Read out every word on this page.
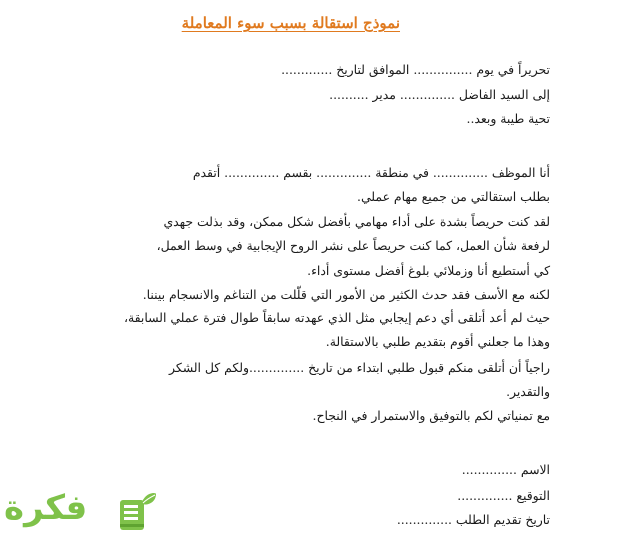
نموذج استقالة بسبب سوء المعاملة
تحريراً في يوم ............... الموافق لتاريخ .............
إلى السيد الفاضل .............. مدير ..........
تحية طيبة وبعد..
أنا الموظف .............. في منطقة .............. بقسم .............. أتقدم
بطلب استقالتي من جميع مهام عملي.
لقد كنت حريصاً بشدة على أداء مهامي بأفضل شكل ممكن، وقد بذلت جهدي
لرفعة شأن العمل، كما كنت حريصاً على نشر الروح الإيجابية في وسط العمل،
كي أستطيع أنا وزملائي بلوغ أفضل مستوى أداء.
لكنه مع الأسف فقد حدث الكثير من الأمور التي قلّلت من التناغم والانسجام بيننا.
حيث لم أعد أتلقى أي دعم إيجابي مثل الذي عهدته سابقاً طوال فترة عملي السابقة،
وهذا ما جعلني أقوم بتقديم طلبي بالاستقالة.
راجياً أن أتلقى منكم قبول طلبي ابتداء من تاريخ ..............ولكم كل الشكر
والتقدير.
مع تمنياتي لكم بالتوفيق والاستمرار في النجاح.
الاسم ..............
التوقيع ..............
تاريخ تقديم الطلب ..............
فكرة
